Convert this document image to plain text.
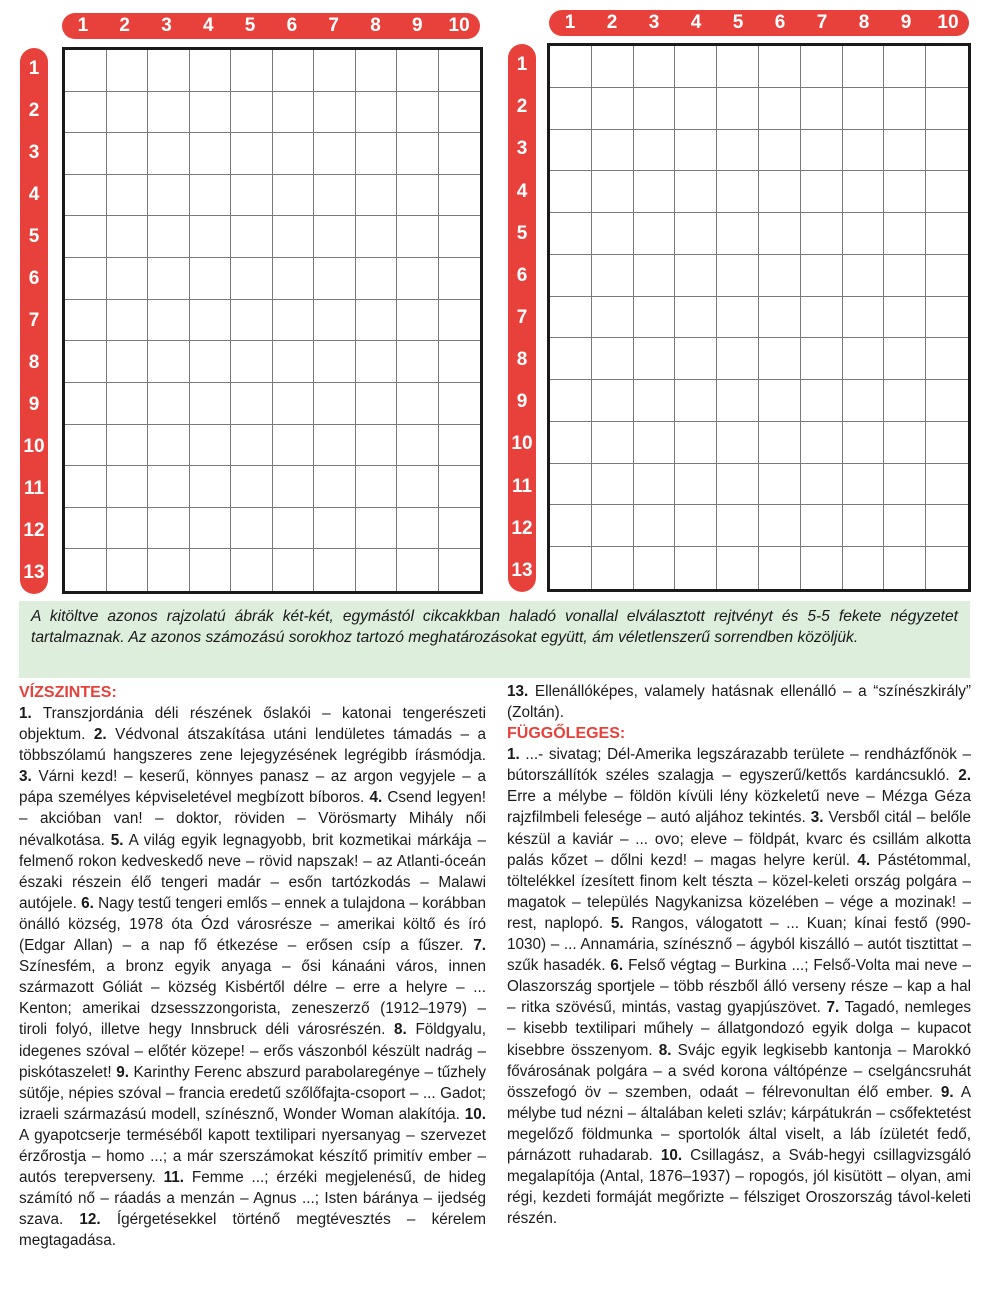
1	2	3	4	5	6	7	8	9	10
1
2
3
4
5
6
7
8
9
10
11
12
13
1	2	3	4	5	6	7	8	9	10
1
2
3
4
5
6
7
8
9
10
11
12
13
A kitöltve azonos rajzolatú ábrák két-két, egymástól cikcakkban haladó vonallal elválasztott rejtvényt és 5-5 fekete négyzetet tartalmaznak. Az azonos számozású sorokhoz tartozó meghatározásokat együtt, ám véletlenszerű sorrendben közöljük.
VÍZSZINTES:
1. Transzjordánia déli részének őslakói – katonai tengerészeti objektum. 2. Védvonal átszakítása utáni lendületes támadás – a többszólamú hangszeres zene lejegyzésének legrégibb írásmódja. 3. Várni kezd! – keserű, könnyes panasz – az argon vegyjele – a pápa személyes képviseletével megbízott bíboros. 4. Csend legyen! – akcióban van! – doktor, röviden – Vörösmarty Mihály női névalkotása. 5. A világ egyik legnagyobb, brit kozmetikai márkája – felmenő rokon kedveskedő neve – rövid napszak! – az Atlanti-óceán északi részein élő tengeri madár – esőn tartózkodás – Malawi autójele. 6. Nagy testű tengeri emlős – ennek a tulajdona – korábban önálló község, 1978 óta Ózd városrésze – amerikai költő és író (Edgar Allan) – a nap fő étkezése – erősen csíp a fűszer. 7. Színesfém, a bronz egyik anyaga – ősi kánaáni város, innen származott Góliát – község Kisbértől délre – erre a helyre – ... Kenton; amerikai dzsesszzongorista, zeneszerző (1912–1979) – tiroli folyó, illetve hegy Innsbruck déli városrészén. 8. Földgyalu, idegenes szóval – előtér közepe! – erős vászonból készült nadrág – piskótaszelet! 9. Karinthy Ferenc abszurd parabolaregénye – tűzhely sütője, népies szóval – francia eredetű szőlőfajta-csoport – ... Gadot; izraeli származású modell, színésznő, Wonder Woman alakítója. 10. A gyapotcserje terméséből kapott textilipari nyersanyag – szervezet érzőrostja – homo ...; a már szerszámokat készítő primitív ember – autós terepverseny. 11. Femme ...; érzéki megjelenésű, de hideg számító nő – ráadás a menzán – Agnus ...; Isten báránya – ijedség szava. 12. Ígérgetésekkel történő megtévesztés – kérelem megtagadása.
13. Ellenállóképes, valamely hatásnak ellenálló – a “színészkirály” (Zoltán).
FÜGGŐLEGES:
1. ...- sivatag; Dél-Amerika legszárazabb területe – rendházfőnök – bútorszállítók széles szalagja – egyszerű/kettős kardáncsukló. 2. Erre a mélybe – földön kívüli lény közkeletű neve – Mézga Géza rajzfilmbeli felesége – autó aljához tekintés. 3. Versből citál – belőle készül a kaviár – ... ovo; eleve – földpát, kvarc és csillám alkotta palás kőzet – dőlni kezd! – magas helyre kerül. 4. Pástétommal, töltelékkel ízesített finom kelt tészta – közel-keleti ország polgára – magatok – település Nagykanizsa közelében – vége a mozinak! – rest, naplopó. 5. Rangos, válogatott – ... Kuan; kínai festő (990-1030) – ... Annamária, színésznő – ágyból kiszálló – autót tisztittat – szűk hasadék. 6. Felső végtag – Burkina ...; Felső-Volta mai neve – Olaszország sportjele – több részből álló verseny része – kap a hal – ritka szövésű, mintás, vastag gyapjúszövet. 7. Tagadó, nemleges – kisebb textilipari műhely – állatgondozó egyik dolga – kupacot kisebbre összenyom. 8. Svájc egyik legkisebb kantonja – Marokkó fővárosának polgára – a svéd korona váltópénze – cselgáncsruhát összefogó öv – szemben, odaát – félrevonultan élő ember. 9. A mélybe tud nézni – általában keleti szláv; kárpátukrán – csőfektetést megelőző földmunka – sportolók által viselt, a láb ízületét fedő, párnázott ruhadarab. 10. Csillagász, a Sváb-hegyi csillagvizsgáló megalapítója (Antal, 1876–1937) – ropogós, jól kisütött – olyan, ami régi, kezdeti formáját megőrizte – félsziget Oroszország távol-keleti részén.
